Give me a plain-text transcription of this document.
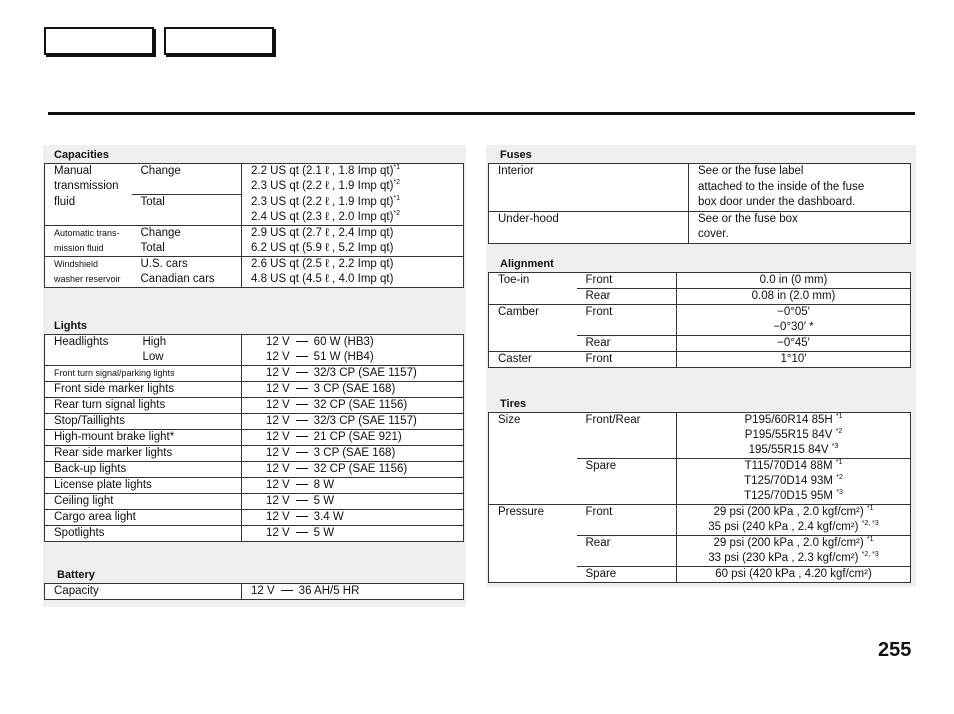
Capacities
Manual	Change	2.2 US qt (2.1 ℓ , 1.8 Imp qt)$^{*1}$
transmission		2.3 US qt (2.2 ℓ , 1.9 Imp qt)$^{*2}$
fluid	Total	2.3 US qt (2.2 ℓ , 1.9 Imp qt)$^{*1}$
		2.4 US qt (2.3 ℓ , 2.0 Imp qt)$^{*2}$
Automatic trans-	Change	2.9 US qt (2.7 ℓ , 2.4 Imp qt)
mission fluid	Total	6.2 US qt (5.9 ℓ , 5.2 Imp qt)
Windshield	U.S. cars	2.6 US qt (2.5 ℓ , 2.2 Imp qt)
washer reservoir	Canadian cars	4.8 US qt (4.5 ℓ , 4.0 Imp qt)
Lights
Headlights	High	12 V 60 W (HB3)
	Low	12 V 51 W (HB4)
Front turn signal/parking lights		12 V 32/3 CP (SAE 1157)
Front side marker lights		12 V 3 CP (SAE 168)
Rear turn signal lights		12 V 32 CP (SAE 1156)
Stop/Taillights		12 V 32/3 CP (SAE 1157)
High-mount brake light*		12 V 21 CP (SAE 921)
Rear side marker lights		12 V 3 CP (SAE 168)
Back-up lights		12 V 32 CP (SAE 1156)
License plate lights		12 V 8 W
Ceiling light		12 V 5 W
Cargo area light		12 V 3.4 W
Spotlights		12 V 5 W
Battery
Capacity	12 V 36 AH/5 HR
Fuses
Interior	See or the fuse label
attached to the inside of the fuse
box door under the dashboard.

Under-hood	See or the fuse box
cover.
Alignment
Toe-in	Front	0.0 in (0 mm)
	Rear	0.08 in (2.0 mm)
Camber	Front	−0°05′
		−0°30′ *
	Rear	−0°45′
Caster	Front	1°10′
Tires
Size	Front/Rear	P195/60R14 85H $^{*1}$
		P195/55R15 84V $^{*2}$
		195/55R15 84V $^{*3}$
	Spare	T115/70D14 88M $^{*1}$
		T125/70D14 93M $^{*2}$
		T125/70D15 95M $^{*3}$
Pressure	Front	29 psi (200 kPa , 2.0 kgf/cm²) $^{*1}$
		35 psi (240 kPa , 2.4 kgf/cm²) $^{*2, *3}$
	Rear	29 psi (200 kPa , 2.0 kgf/cm²) $^{*1}$
		33 psi (230 kPa , 2.3 kgf/cm²) $^{*2, *3}$
	Spare	60 psi (420 kPa , 4.20 kgf/cm²)
255
